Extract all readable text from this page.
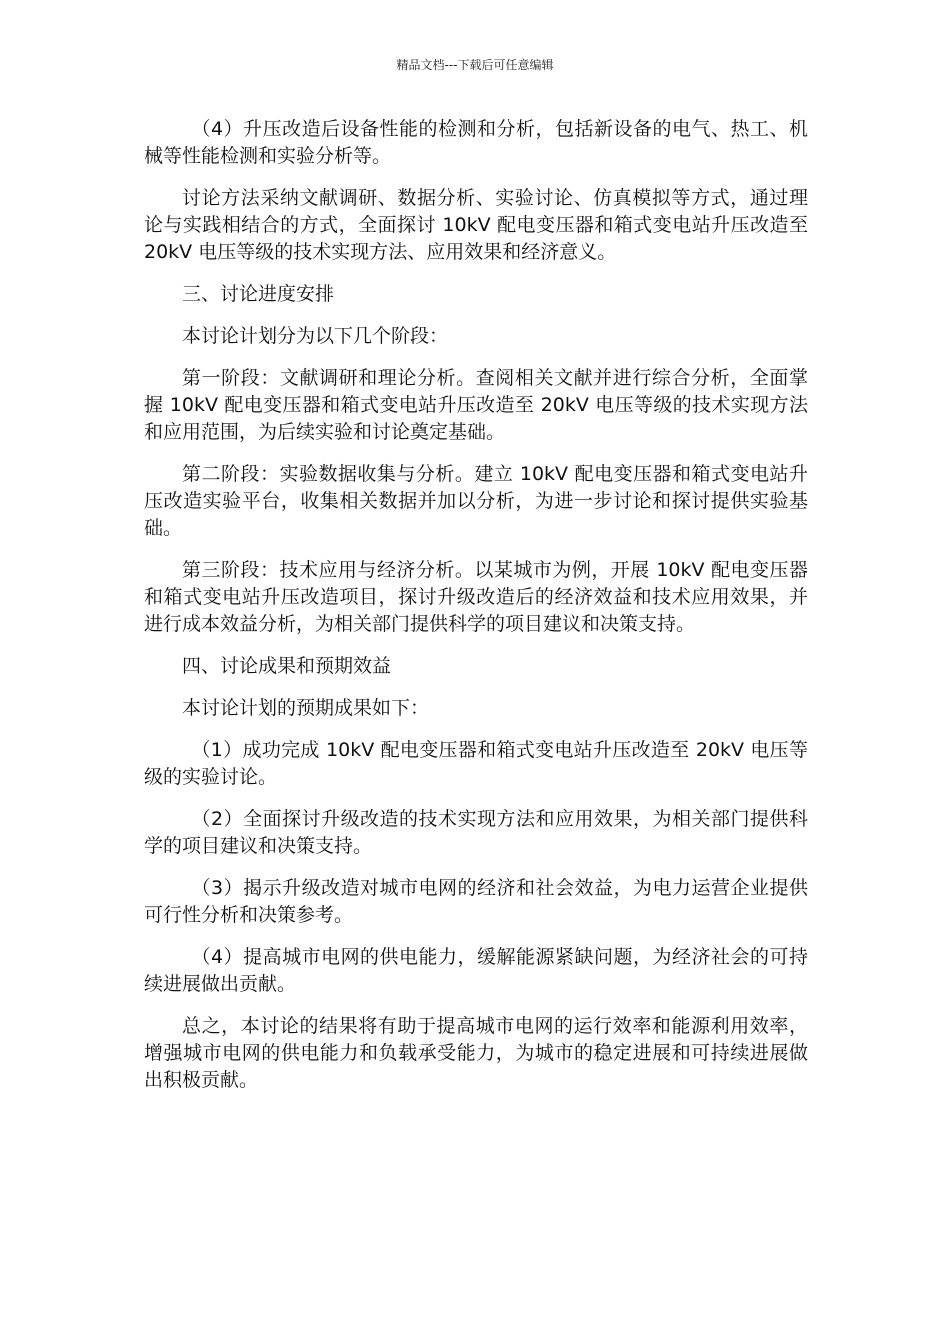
精品文档---下载后可任意编辑

（4）升压改造后设备性能的检测和分析，包括新设备的电气、热工、机械等性能检测和实验分析等。

讨论方法采纳文献调研、数据分析、实验讨论、仿真模拟等方式，通过理论与实践相结合的方式，全面探讨 10kV 配电变压器和箱式变电站升压改造至 20kV 电压等级的技术实现方法、应用效果和经济意义。

三、讨论进度安排

本讨论计划分为以下几个阶段：

第一阶段：文献调研和理论分析。查阅相关文献并进行综合分析，全面掌握 10kV 配电变压器和箱式变电站升压改造至 20kV 电压等级的技术实现方法和应用范围，为后续实验和讨论奠定基础。

第二阶段：实验数据收集与分析。建立 10kV 配电变压器和箱式变电站升压改造实验平台，收集相关数据并加以分析，为进一步讨论和探讨提供实验基础。

第三阶段：技术应用与经济分析。以某城市为例，开展 10kV 配电变压器和箱式变电站升压改造项目，探讨升级改造后的经济效益和技术应用效果，并进行成本效益分析，为相关部门提供科学的项目建议和决策支持。

四、讨论成果和预期效益

本讨论计划的预期成果如下：

（1）成功完成 10kV 配电变压器和箱式变电站升压改造至 20kV 电压等级的实验讨论。

（2）全面探讨升级改造的技术实现方法和应用效果，为相关部门提供科学的项目建议和决策支持。

（3）揭示升级改造对城市电网的经济和社会效益，为电力运营企业提供可行性分析和决策参考。

（4）提高城市电网的供电能力，缓解能源紧缺问题，为经济社会的可持续进展做出贡献。

总之，本讨论的结果将有助于提高城市电网的运行效率和能源利用效率，增强城市电网的供电能力和负载承受能力，为城市的稳定进展和可持续进展做出积极贡献。
